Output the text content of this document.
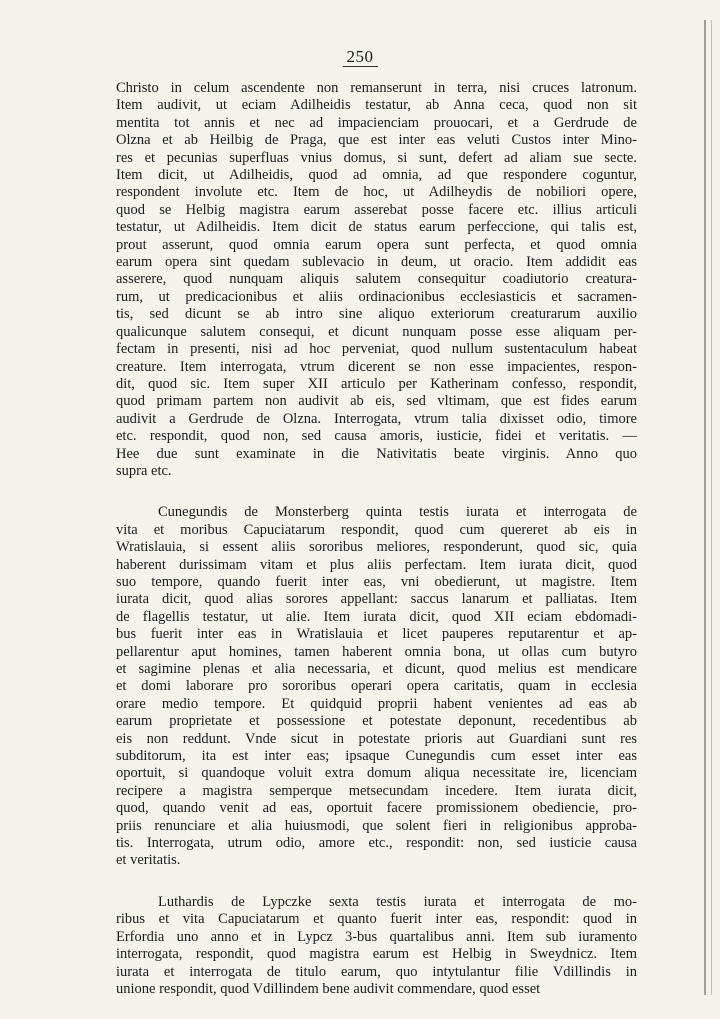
250
Christo in celum ascendente non remanserunt in terra, nisi cruces latronum.
Item audivit, ut eciam Adilheidis testatur, ab Anna ceca, quod non sit
mentita tot annis et nec ad impacienciam prouocari, et a Gerdrude de
Olzna et ab Heilbig de Praga, que est inter eas veluti Custos inter Mino-
res et pecunias superfluas vnius domus, si sunt, defert ad aliam sue secte.
Item dicit, ut Adilheidis, quod ad omnia, ad que respondere coguntur,
respondent involute etc. Item de hoc, ut Adilheydis de nobiliori opere,
quod se Helbig magistra earum asserebat posse facere etc. illius articuli
testatur, ut Adilheidis. Item dicit de status earum perfeccione, qui talis est,
prout asserunt, quod omnia earum opera sunt perfecta, et quod omnia
earum opera sint quedam sublevacio in deum, ut oracio. Item addidit eas
asserere, quod nunquam aliquis salutem consequitur coadiutorio creatura-
rum, ut predicacionibus et aliis ordinacionibus ecclesiasticis et sacramen-
tis, sed dicunt se ab intro sine aliquo exteriorum creaturarum auxilio
qualicunque salutem consequi, et dicunt nunquam posse esse aliquam per-
fectam in presenti, nisi ad hoc perveniat, quod nullum sustentaculum habeat
creature. Item interrogata, vtrum dicerent se non esse impacientes, respon-
dit, quod sic. Item super XII articulo per Katherinam confesso, respondit,
quod primam partem non audivit ab eis, sed vltimam, que est fides earum
audivit a Gerdrude de Olzna. Interrogata, vtrum talia dixisset odio, timore
etc. respondit, quod non, sed causa amoris, iusticie, fidei et veritatis. —
Hee due sunt examinate in die Nativitatis beate virginis. Anno quo
supra etc.
Cunegundis de Monsterberg quinta testis iurata et interrogata de
vita et moribus Capuciatarum respondit, quod cum quereret ab eis in
Wratislauia, si essent aliis sororibus meliores, responderunt, quod sic, quia
haberent durissimam vitam et plus aliis perfectam. Item iurata dicit, quod
suo tempore, quando fuerit inter eas, vni obedierunt, ut magistre. Item
iurata dicit, quod alias sorores appellant: saccus lanarum et palliatas. Item
de flagellis testatur, ut alie. Item iurata dicit, quod XII eciam ebdomadi-
bus fuerit inter eas in Wratislauia et licet pauperes reputarentur et ap-
pellarentur aput homines, tamen haberent omnia bona, ut ollas cum butyro
et sagimine plenas et alia necessaria, et dicunt, quod melius est mendicare
et domi laborare pro sororibus operari opera caritatis, quam in ecclesia
orare medio tempore. Et quidquid proprii habent venientes ad eas ab
earum proprietate et possessione et potestate deponunt, recedentibus ab
eis non reddunt. Vnde sicut in potestate prioris aut Guardiani sunt res
subditorum, ita est inter eas; ipsaque Cunegundis cum esset inter eas
oportuit, si quandoque voluit extra domum aliqua necessitate ire, licenciam
recipere a magistra semperque metsecundam incedere. Item iurata dicit,
quod, quando venit ad eas, oportuit facere promissionem obediencie, pro-
priis renunciare et alia huiusmodi, que solent fieri in religionibus approba-
tis. Interrogata, utrum odio, amore etc., respondit: non, sed iusticie causa
et veritatis.
Luthardis de Lypczke sexta testis iurata et interrogata de mo-
ribus et vita Capuciatarum et quanto fuerit inter eas, respondit: quod in
Erfordia uno anno et in Lypcz 3-bus quartalibus anni. Item sub iuramento
interrogata, respondit, quod magistra earum est Helbig in Sweydnicz. Item
iurata et interrogata de titulo earum, quo intytulantur filie Vdillindis in
unione respondit, quod Vdillindem bene audivit commendare, quod esset
